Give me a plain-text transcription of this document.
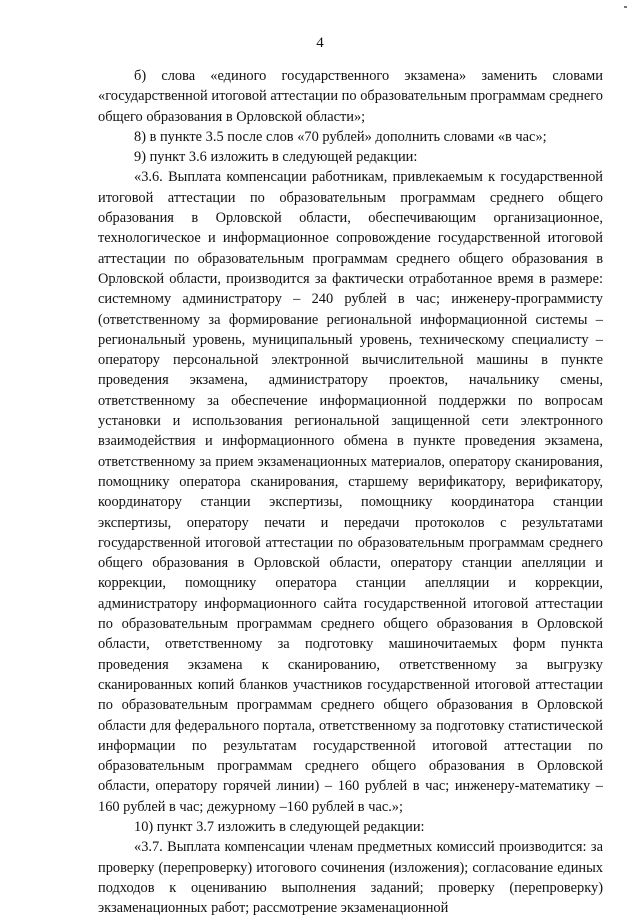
4

б) слова «единого государственного экзамена» заменить словами «государственной итоговой аттестации по образовательным программам среднего общего образования в Орловской области»;

8) в пункте 3.5 после слов «70 рублей» дополнить словами «в час»;

9) пункт 3.6 изложить в следующей редакции:

«3.6. Выплата компенсации работникам, привлекаемым к государственной итоговой аттестации по образовательным программам среднего общего образования в Орловской области, обеспечивающим организационное, технологическое и информационное сопровождение государственной итоговой аттестации по образовательным программам среднего общего образования в Орловской области, производится за фактически отработанное время в размере: системному администратору – 240 рублей в час; инженеру-программисту (ответственному за формирование региональной информационной системы – региональный уровень, муниципальный уровень, техническому специалисту – оператору персональной электронной вычислительной машины в пункте проведения экзамена, администратору проектов, начальнику смены, ответственному за обеспечение информационной поддержки по вопросам установки и использования региональной защищенной сети электронного взаимодействия и информационного обмена в пункте проведения экзамена, ответственному за прием экзаменационных материалов, оператору сканирования, помощнику оператора сканирования, старшему верификатору, верификатору, координатору станции экспертизы, помощнику координатора станции экспертизы, оператору печати и передачи протоколов с результатами государственной итоговой аттестации по образовательным программам среднего общего образования в Орловской области, оператору станции апелляции и коррекции, помощнику оператора станции апелляции и коррекции, администратору информационного сайта государственной итоговой аттестации по образовательным программам среднего общего образования в Орловской области, ответственному за подготовку машиночитаемых форм пункта проведения экзамена к сканированию, ответственному за выгрузку сканированных копий бланков участников государственной итоговой аттестации по образовательным программам среднего общего образования в Орловской области для федерального портала, ответственному за подготовку статистической информации по результатам государственной итоговой аттестации по образовательным программам среднего общего образования в Орловской области, оператору горячей линии) – 160 рублей в час; инженеру-математику – 160 рублей в час; дежурному –160 рублей в час.»;

10) пункт 3.7 изложить в следующей редакции:

«3.7. Выплата компенсации членам предметных комиссий производится: за проверку (перепроверку) итогового сочинения (изложения); согласование единых подходов к оцениванию выполнения заданий; проверку (перепроверку) экзаменационных работ; рассмотрение экзаменационной
